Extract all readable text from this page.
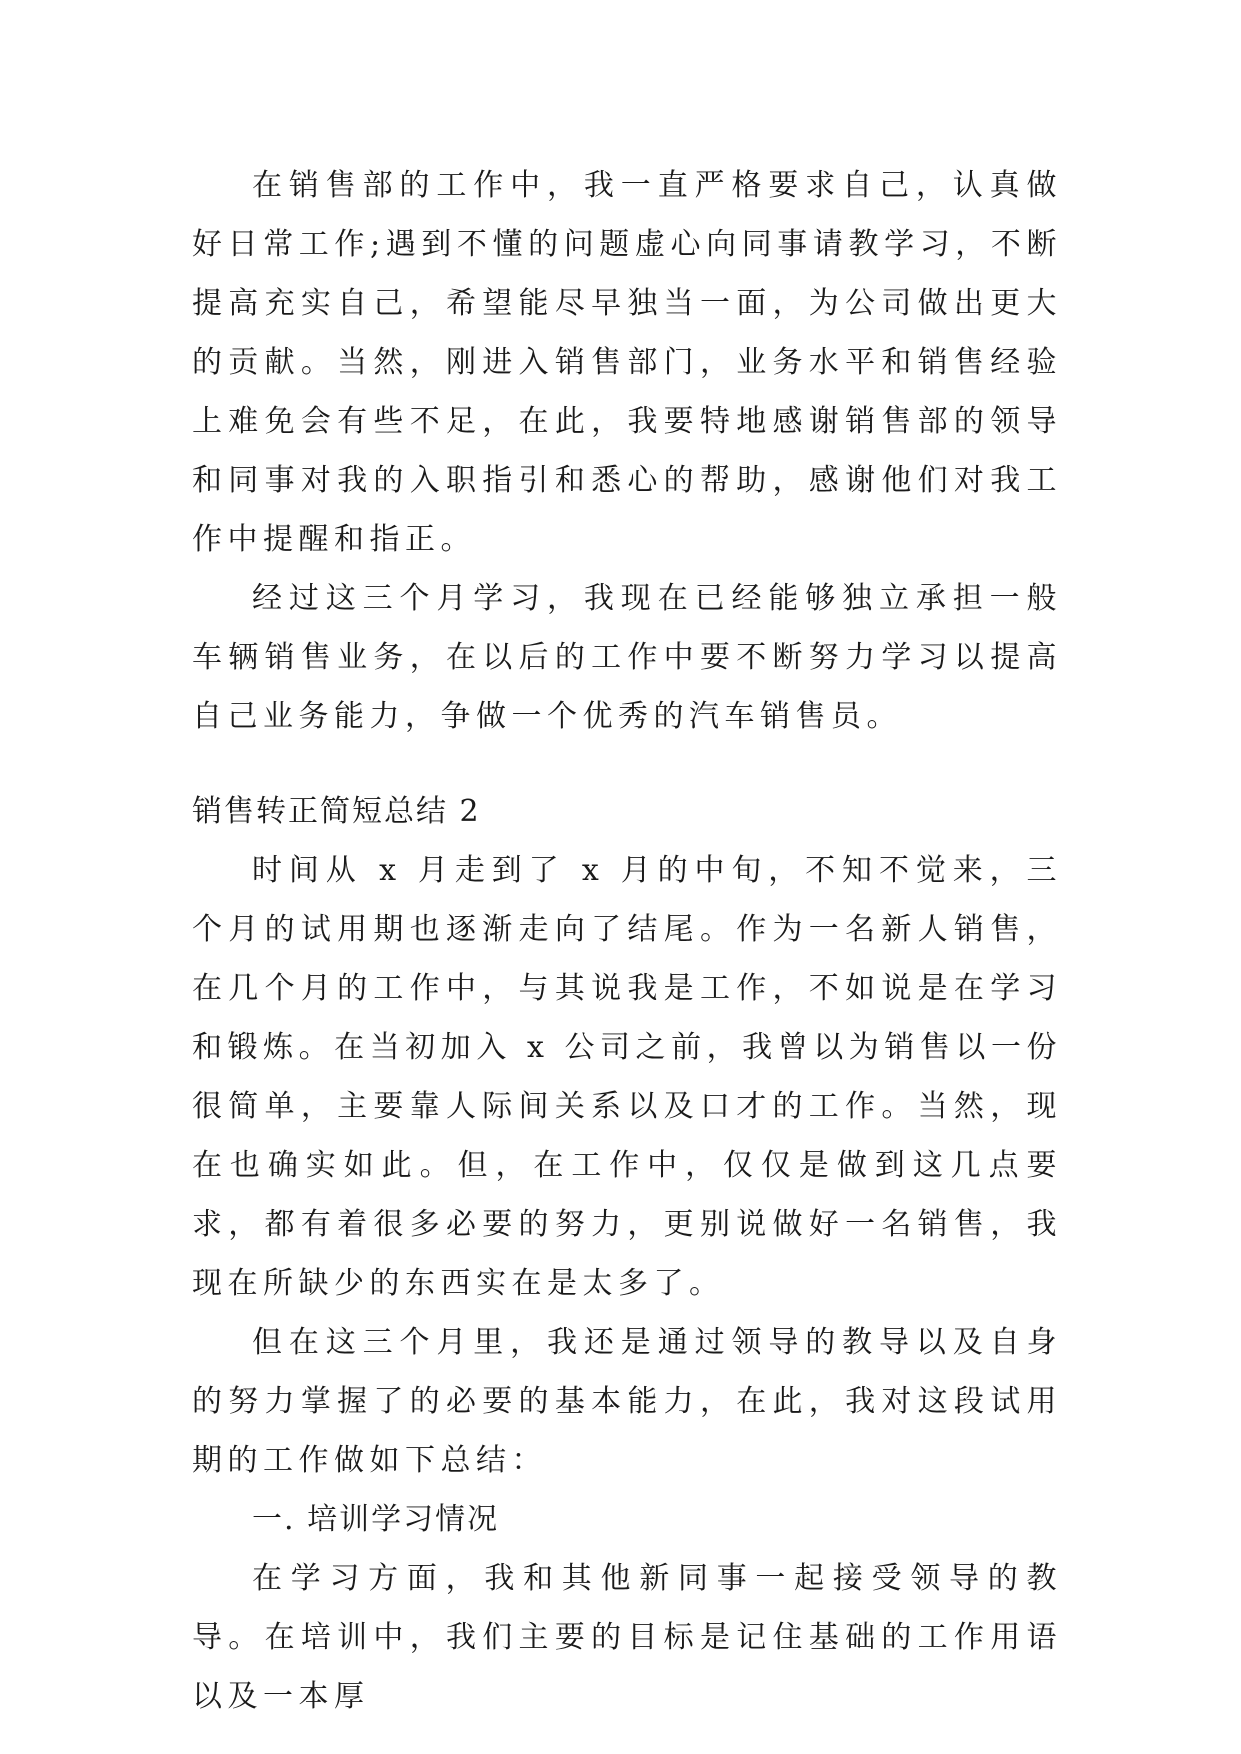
在销售部的工作中，我一直严格要求自己，认真做好日常工作;遇到不懂的问题虚心向同事请教学习，不断提高充实自己，希望能尽早独当一面，为公司做出更大的贡献。当然，刚进入销售部门，业务水平和销售经验上难免会有些不足，在此，我要特地感谢销售部的领导和同事对我的入职指引和悉心的帮助，感谢他们对我工作中提醒和指正。

经过这三个月学习，我现在已经能够独立承担一般车辆销售业务，在以后的工作中要不断努力学习以提高自己业务能力，争做一个优秀的汽车销售员。

销售转正简短总结 2

时间从 x 月走到了 x 月的中旬，不知不觉来，三个月的试用期也逐渐走向了结尾。作为一名新人销售，在几个月的工作中，与其说我是工作，不如说是在学习和锻炼。在当初加入 x 公司之前，我曾以为销售以一份很简单，主要靠人际间关系以及口才的工作。当然，现在也确实如此。但，在工作中，仅仅是做到这几点要求，都有着很多必要的努力，更别说做好一名销售，我现在所缺少的东西实在是太多了。

但在这三个月里，我还是通过领导的教导以及自身的努力掌握了的必要的基本能力，在此，我对这段试用期的工作做如下总结：

一. 培训学习情况

在学习方面，我和其他新同事一起接受领导的教导。在培训中，我们主要的目标是记住基础的工作用语以及一本厚
